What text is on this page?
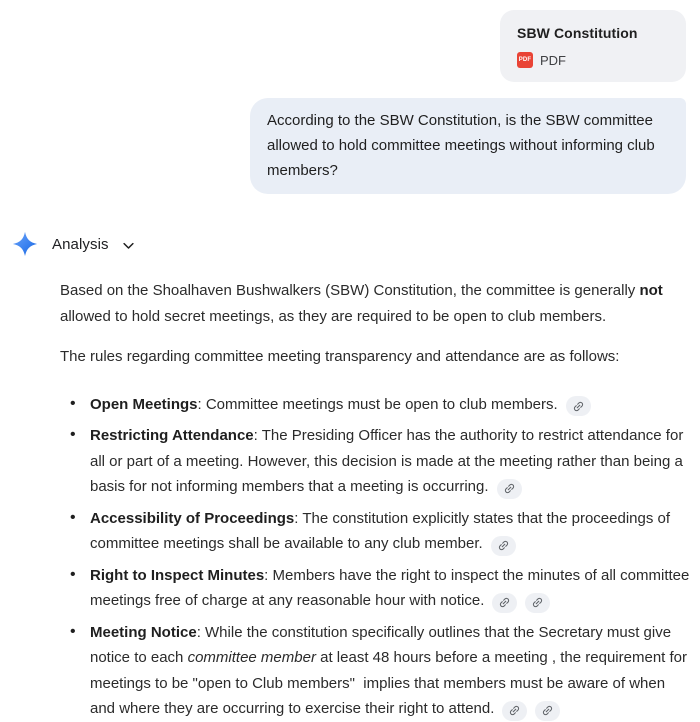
SBW Constitution
PDF PDF

According to the SBW Constitution, is the SBW committee allowed to hold committee meetings without informing club members?

Analysis

Based on the Shoalhaven Bushwalkers (SBW) Constitution, the committee is generally not allowed to hold secret meetings, as they are required to be open to club members.

The rules regarding committee meeting transparency and attendance are as follows:

• Open Meetings: Committee meetings must be open to club members.
• Restricting Attendance: The Presiding Officer has the authority to restrict attendance for all or part of a meeting. However, this decision is made at the meeting rather than being a basis for not informing members that a meeting is occurring.
• Accessibility of Proceedings: The constitution explicitly states that the proceedings of committee meetings shall be available to any club member.
• Right to Inspect Minutes: Members have the right to inspect the minutes of all committee meetings free of charge at any reasonable hour with notice.
• Meeting Notice: While the constitution specifically outlines that the Secretary must give notice to each committee member at least 48 hours before a meeting , the requirement for meetings to be "open to Club members"  implies that members must be aware of when and where they are occurring to exercise their right to attend.
